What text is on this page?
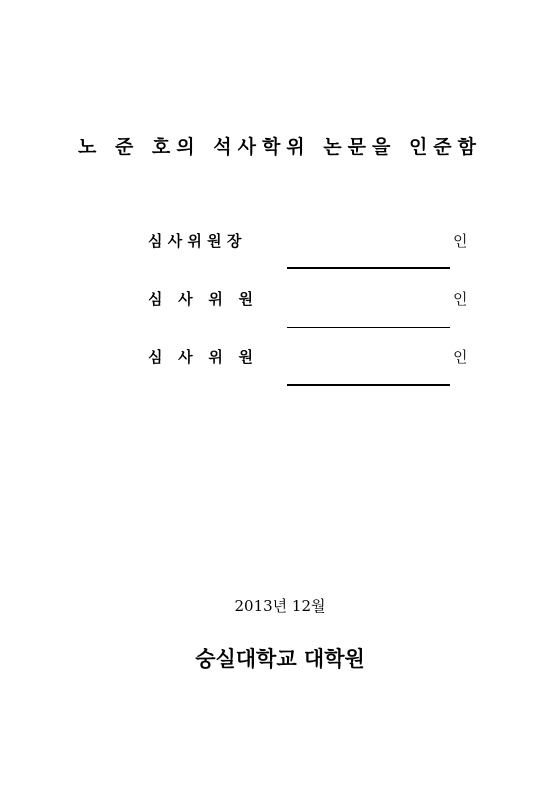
노 준 호의 석사학위 논문을 인준함
심 사 위 원 장	인
심   사   위   원	인
심   사   위   원	인
2013년 12월
숭실대학교 대학원
